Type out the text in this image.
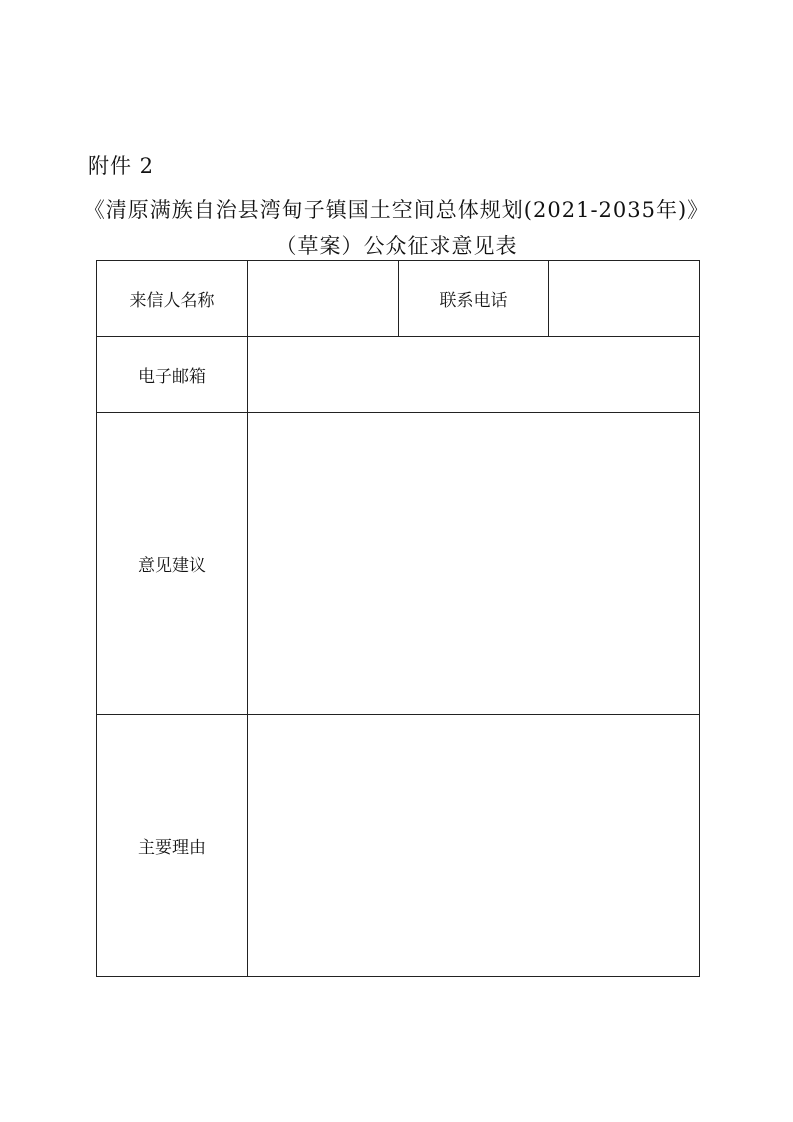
附件 2
《清原满族自治县湾甸子镇国土空间总体规划(2021-2035年)》
（草案）公众征求意见表
来信人名称		联系电话	
电子邮箱			
意见建议			
主要理由			
